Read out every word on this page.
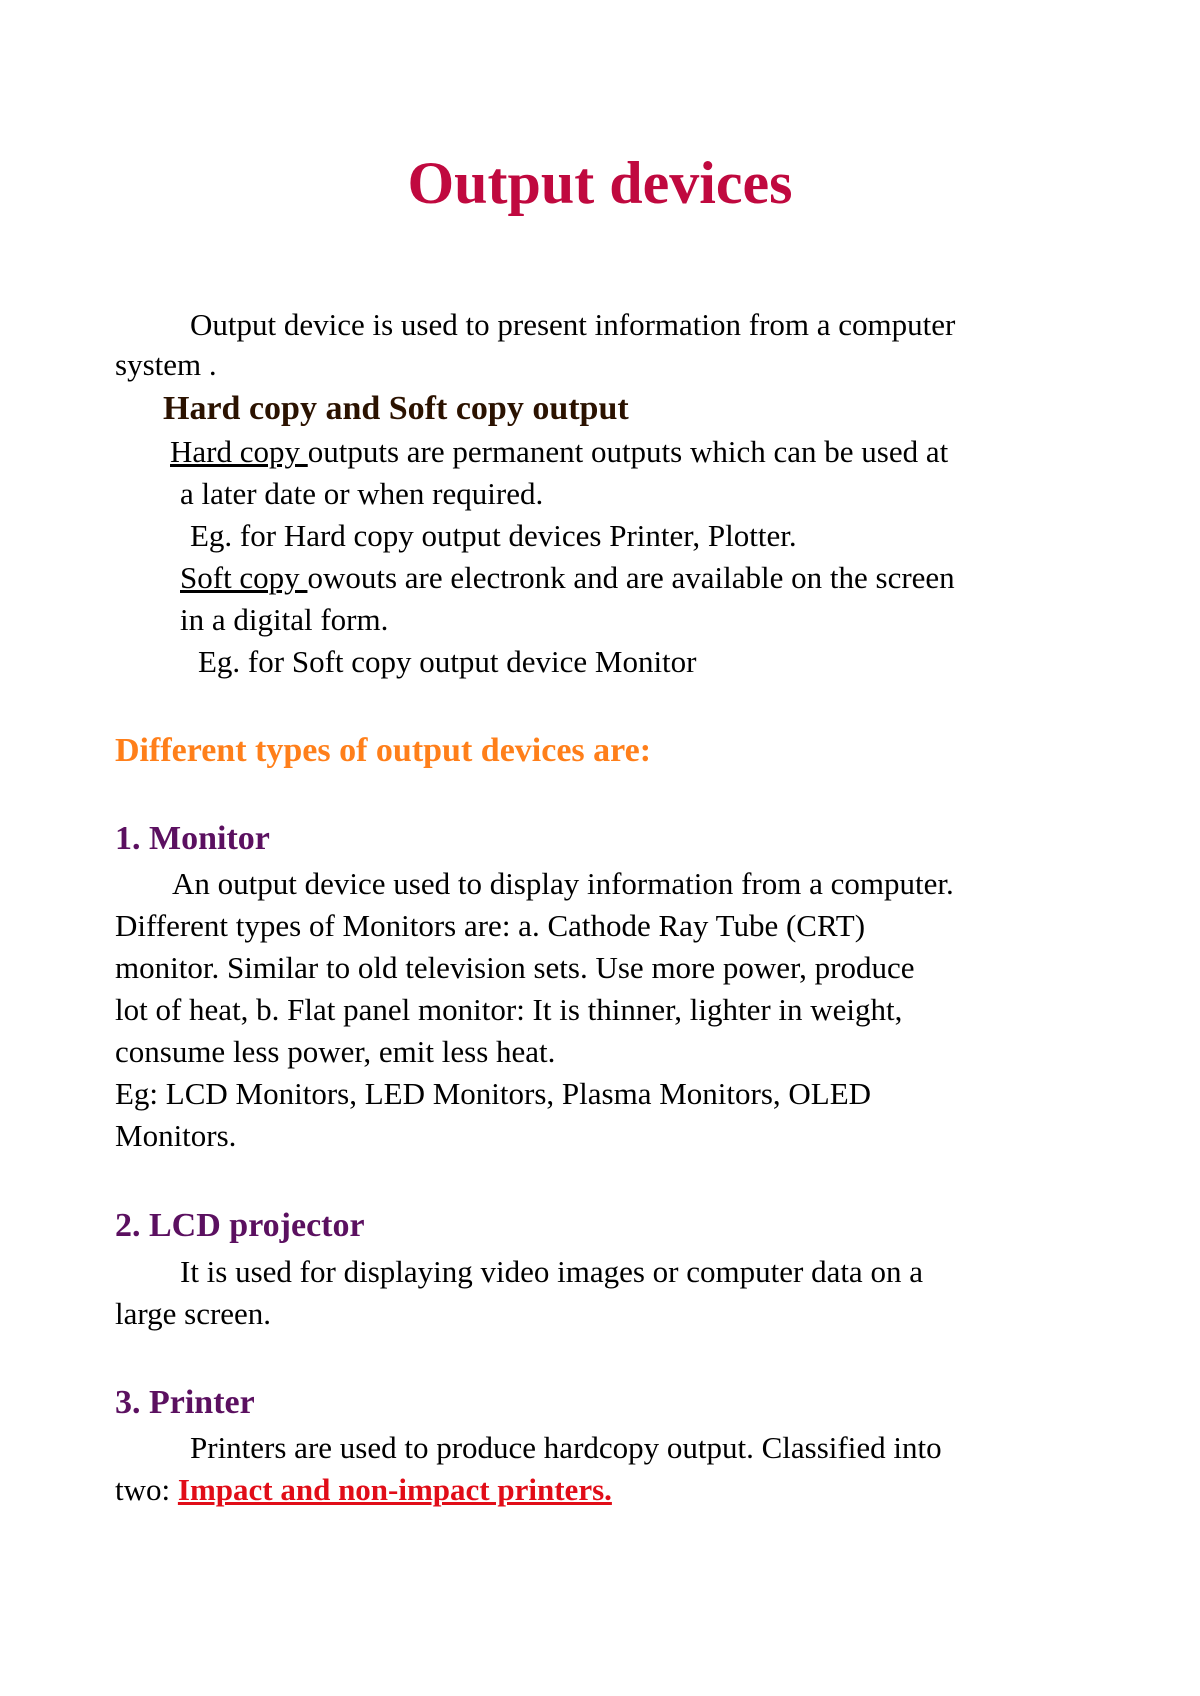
Output devices
Output device is used to present information from a computer
system .
Hard copy and Soft copy output
Hard copy outputs are permanent outputs which can be used at
a later date or when required.
Eg. for Hard copy output devices Printer, Plotter.
Soft copy owouts are electronk and are available on the screen
in a digital form.
Eg. for Soft copy output device Monitor
Different types of output devices are:
1. Monitor
An output device used to display information from a computer.
Different types of Monitors are: a. Cathode Ray Tube (CRT)
monitor. Similar to old television sets. Use more power, produce
lot of heat, b. Flat panel monitor: It is thinner, lighter in weight,
consume less power, emit less heat.
Eg: LCD Monitors, LED Monitors, Plasma Monitors, OLED
Monitors.
2. LCD projector
It is used for displaying video images or computer data on a
large screen.
3. Printer
Printers are used to produce hardcopy output. Classified into
two: Impact and non-impact printers.
